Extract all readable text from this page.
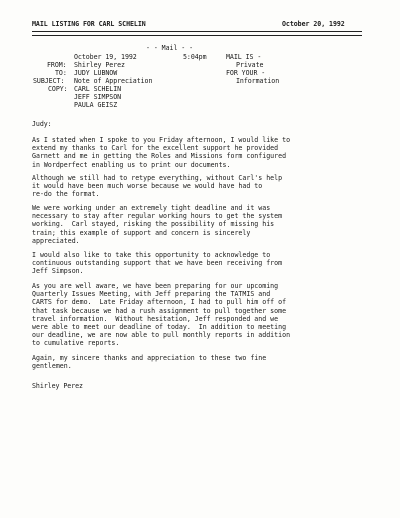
MAIL LISTING FOR CARL SCHELIN	October 20, 1992
- - Mail - -
October 19, 1992	5:04pm
FROM: Shirley Perez
TO: JUDY LUBNOW
SUBJECT: Note of Appreciation
COPY: CARL SCHELIN
JEFF SIMPSON
PAULA GEISZ
MAIL IS -
Private
FOR YOUR -
Information
Judy:
As I stated when I spoke to you Friday afternoon, I would like to
extend my thanks to Carl for the excellent support he provided
Garnett and me in getting the Roles and Missions form configured
in Wordperfect enabling us to print our documents.
Although we still had to retype everything, without Carl's help
it would have been much worse because we would have had to
re-do the format.
We were working under an extremely tight deadline and it was
necessary to stay after regular working hours to get the system
working.  Carl stayed, risking the possibility of missing his
train; this example of support and concern is sincerely
appreciated.
I would also like to take this opportunity to acknowledge to
continuous outstanding support that we have been receiving from
Jeff Simpson.
As you are well aware, we have been preparing for our upcoming
Quarterly Issues Meeting, with Jeff preparing the TATMIS and
CARTS for demo.  Late Friday afternoon, I had to pull him off of
that task because we had a rush assignment to pull together some
travel information.  Without hesitation, Jeff responded and we
were able to meet our deadline of today.  In addition to meeting
our deadline, we are now able to pull monthly reports in addition
to cumulative reports.
Again, my sincere thanks and appreciation to these two fine
gentlemen.
Shirley Perez
